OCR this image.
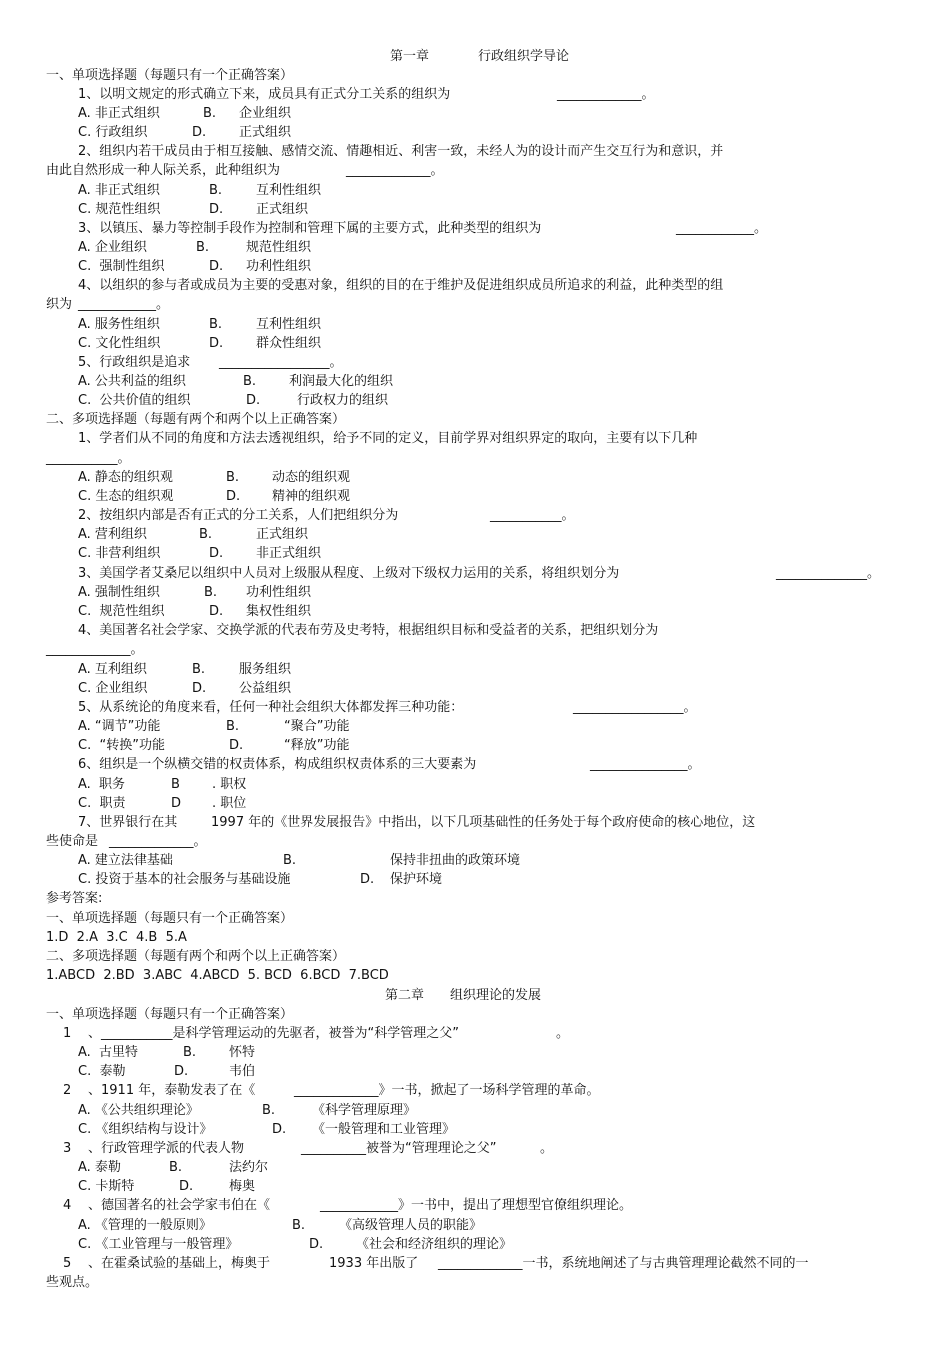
第一章	行政组织学导论
一、单项选择题（每题只有一个正确答案）
1、以明文规定的形式确立下来，成员具有正式分工关系的组织为	_____________。
A. 非正式组织	B. 企业组织
C. 行政组织	D.	正式组织
2、组织内若干成员由于相互接触、感情交流、情趣相近、利害一致，未经人为的设计而产生交互行为和意识，并
由此自然形成一种人际关系，此种组织为	_____________。
A. 非正式组织	B.	互利性组织
C. 规范性组织	D.	正式组织
3、以镇压、暴力等控制手段作为控制和管理下属的主要方式，此种类型的组织为	____________。
A. 企业组织	B.	规范性组织
C.  强制性组织	D. 功利性组织
4、以组织的参与者或成员为主要的受惠对象，组织的目的在于维护及促进组织成员所追求的利益，此种类型的组
织为 ____________。
A. 服务性组织	B.	互利性组织
C. 文化性组织	D.	群众性组织
5、行政组织是追求 _________________。
A. 公共利益的组织	B.	利润最大化的组织
C.  公共价值的组织	D.	行政权力的组织
二、多项选择题（每题有两个和两个以上正确答案）
1、学者们从不同的角度和方法去透视组织，给予不同的定义，目前学界对组织界定的取向，主要有以下几种
___________。
A. 静态的组织观	B.	动态的组织观
C. 生态的组织观	D. 精神的组织观
2、按组织内部是否有正式的分工关系，人们把组织分为	___________。
A. 营利组织	B.	正式组织
C. 非营利组织	D.	非正式组织
3、美国学者艾桑尼以组织中人员对上级服从程度、上级对下级权力运用的关系，将组织划分为	______________。
A. 强制性组织	B. 功利性组织
C.  规范性组织	D. 集权性组织
4、美国著名社会学家、交换学派的代表布劳及史考特，根据组织目标和受益者的关系，把组织划分为
_____________。
A. 互利组织	B.	服务组织
C. 企业组织	D.	公益组织
5、从系统论的角度来看，任何一种社会组织大体都发挥三种功能：	_________________。
A. “调节”功能	B.	“聚合”功能
C.  “转换”功能	D.	“释放”功能
6、组织是一个纵横交错的权责体系，构成组织权责体系的三大要素为	_______________。
A.  职务	B . 职权
C.  职责	D . 职位
7、世界银行在其	1997 年的《世界发展报告》中指出，以下几项基础性的任务处于每个政府使命的核心地位，这
些使命是 _____________。
A. 建立法律基础	B.	保持非扭曲的政策环境
C. 投资于基本的社会服务与基础设施	D. 保护环境
参考答案:
一、单项选择题（每题只有一个正确答案）
1.D  2.A  3.C  4.B  5.A
二、多项选择题（每题有两个和两个以上正确答案）
1.ABCD  2.BD  3.ABC  4.ABCD  5. BCD  6.BCD  7.BCD
第二章 组织理论的发展
一、单项选择题（每题只有一个正确答案）
1 、___________是科学管理运动的先驱者，被誉为“科学管理之父”	。
A.  古里特	B.	怀特
C.  泰勒	D.	韦伯
2 、1911 年，泰勒发表了在《	_____________》一书，掀起了一场科学管理的革命。
A. 《公共组织理论》	B.	《科学管理原理》
C. 《组织结构与设计》	D. 《一般管理和工业管理》
3 、行政管理学派的代表人物	__________被誉为“管理理论之父”	。
A. 泰勒	B.	法约尔
C. 卡斯特	D.	梅奥
4 、德国著名的社会学家韦伯在《	____________》一书中，提出了理想型官僚组织理论。
A. 《管理的一般原则》	B.	《高级管理人员的职能》
C. 《工业管理与一般管理》	D.	《社会和经济组织的理论》
5 、在霍桑试验的基础上，梅奥于	1933 年出版了 _____________一书，系统地阐述了与古典管理理论截然不同的一
些观点。
